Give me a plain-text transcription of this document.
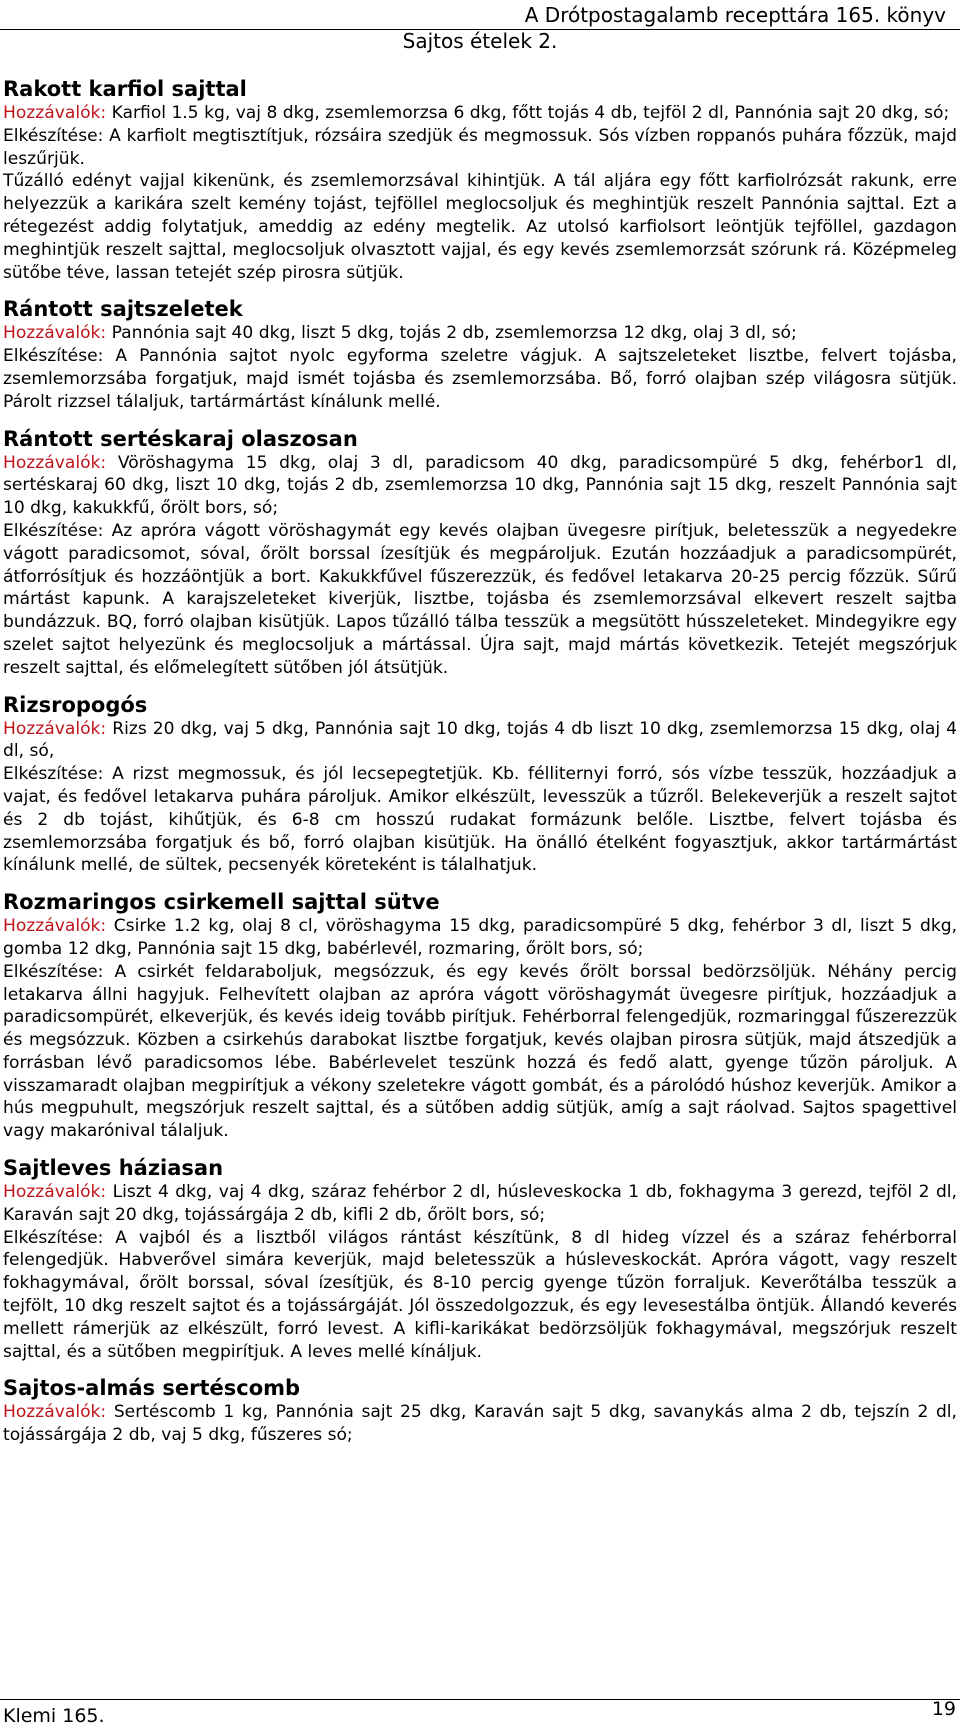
A Drótpostagalamb recepttára 165. könyv
Sajtos ételek 2.
Rakott karfiol sajttal
Hozzávalók: Karfiol 1.5 kg, vaj 8 dkg, zsemlemorzsa 6 dkg, főtt tojás 4 db, tejföl 2 dl, Pannónia sajt 20 dkg, só;
Elkészítése: A karfiolt megtisztítjuk, rózsáira szedjük és megmossuk. Sós vízben roppanós puhára főzzük, majd leszűrjük.
Tűzálló edényt vajjal kikenünk, és zsemlemorzsával kihintjük. A tál aljára egy főtt karfiolrózsát rakunk, erre helyezzük a karikára szelt kemény tojást, tejföllel meglocsoljuk és meghintjük reszelt Pannónia sajttal. Ezt a rétegezést addig folytatjuk, ameddig az edény megtelik. Az utolsó karfiolsort leöntjük tejföllel, gazdagon meghintjük reszelt sajttal, meglocsoljuk olvasztott vajjal, és egy kevés zsemlemorzsát szórunk rá. Középmeleg sütőbe téve, lassan tetejét szép pirosra sütjük.
Rántott sajtszeletek
Hozzávalók: Pannónia sajt 40 dkg, liszt 5 dkg, tojás 2 db, zsemlemorzsa 12 dkg, olaj 3 dl, só;
Elkészítése: A Pannónia sajtot nyolc egyforma szeletre vágjuk. A sajtszeleteket lisztbe, felvert tojásba, zsemlemorzsába forgatjuk, majd ismét tojásba és zsemlemorzsába. Bő, forró olajban szép világosra sütjük. Párolt rizzsel tálaljuk, tartármártást kínálunk mellé.
Rántott sertéskaraj olaszosan
Hozzávalók: Vöröshagyma 15 dkg, olaj 3 dl, paradicsom 40 dkg, paradicsompüré 5 dkg, fehérbor1 dl, sertéskaraj 60 dkg, liszt 10 dkg, tojás 2 db, zsemlemorzsa 10 dkg, Pannónia sajt 15 dkg, reszelt Pannónia sajt 10 dkg, kakukkfű, őrölt bors, só;
Elkészítése: Az apróra vágott vöröshagymát egy kevés olajban üvegesre pirítjuk, beletesszük a negyedekre vágott paradicsomot, sóval, őrölt borssal ízesítjük és megpároljuk. Ezután hozzáadjuk a paradicsompürét, átforrósítjuk és hozzáöntjük a bort. Kakukkfűvel fűszerezzük, és fedővel letakarva 20-25 percig főzzük. Sűrű mártást kapunk. A karajszeleteket kiverjük, lisztbe, tojásba és zsemlemorzsával elkevert reszelt sajtba bundázzuk. BQ, forró olajban kisütjük. Lapos tűzálló tálba tesszük a megsütött hússzeleteket. Mindegyikre egy szelet sajtot helyezünk és meglocsoljuk a mártással. Újra sajt, majd mártás következik. Tetejét megszórjuk reszelt sajttal, és előmelegített sütőben jól átsütjük.
Rizsropogós
Hozzávalók: Rizs 20 dkg, vaj 5 dkg, Pannónia sajt 10 dkg, tojás 4 db liszt 10 dkg, zsemlemorzsa 15 dkg, olaj 4 dl, só,
Elkészítése: A rizst megmossuk, és jól lecsepegtetjük. Kb. félliternyi forró, sós vízbe tesszük, hozzáadjuk a vajat, és fedővel letakarva puhára pároljuk. Amikor elkészült, levesszük a tűzről. Belekeverjük a reszelt sajtot és 2 db tojást, kihűtjük, és 6-8 cm hosszú rudakat formázunk belőle. Lisztbe, felvert tojásba és zsemlemorzsába forgatjuk és bő, forró olajban kisütjük. Ha önálló ételként fogyasztjuk, akkor tartármártást kínálunk mellé, de sültek, pecsenyék köreteként is tálalhatjuk.
Rozmaringos csirkemell sajttal sütve
Hozzávalók: Csirke 1.2 kg, olaj 8 cl, vöröshagyma 15 dkg, paradicsompüré 5 dkg, fehérbor 3 dl, liszt 5 dkg, gomba 12 dkg, Pannónia sajt 15 dkg, babérlevél, rozmaring, őrölt bors, só;
Elkészítése: A csirkét feldaraboljuk, megsózzuk, és egy kevés őrölt borssal bedörzsöljük. Néhány percig letakarva állni hagyjuk. Felhevített olajban az apróra vágott vöröshagymát üvegesre pirítjuk, hozzáadjuk a paradicsompürét, elkeverjük, és kevés ideig tovább pirítjuk. Fehérborral felengedjük, rozmaringgal fűszerezzük és megsózzuk. Közben a csirkehús darabokat lisztbe forgatjuk, kevés olajban pirosra sütjük, majd átszedjük a forrásban lévő paradicsomos lébe. Babérlevelet teszünk hozzá és fedő alatt, gyenge tűzön pároljuk. A visszamaradt olajban megpirítjuk a vékony szeletekre vágott gombát, és a párolódó húshoz keverjük. Amikor a hús megpuhult, megszórjuk reszelt sajttal, és a sütőben addig sütjük, amíg a sajt ráolvad. Sajtos spagettivel vagy makarónival tálaljuk.
Sajtleves háziasan
Hozzávalók: Liszt 4 dkg, vaj 4 dkg, száraz fehérbor 2 dl, húsleveskocka 1 db, fokhagyma 3 gerezd, tejföl 2 dl, Karaván sajt 20 dkg, tojássárgája 2 db, kifli 2 db, őrölt bors, só;
Elkészítése: A vajból és a lisztből világos rántást készítünk, 8 dl hideg vízzel és a száraz fehérborral felengedjük. Habverővel simára keverjük, majd beletesszük a húsleveskockát. Apróra vágott, vagy reszelt fokhagymával, őrölt borssal, sóval ízesítjük, és 8-10 percig gyenge tűzön forraljuk. Keverőtálba tesszük a tejfölt, 10 dkg reszelt sajtot és a tojássárgáját. Jól összedolgozzuk, és egy levesestálba öntjük. Állandó keverés mellett rámerjük az elkészült, forró levest. A kifli-karikákat bedörzsöljük fokhagymával, megszórjuk reszelt sajttal, és a sütőben megpirítjuk. A leves mellé kínáljuk.
Sajtos-almás sertéscomb
Hozzávalók: Sertéscomb 1 kg, Pannónia sajt 25 dkg, Karaván sajt 5 dkg, savanykás alma 2 db, tejszín 2 dl, tojássárgája 2 db, vaj 5 dkg, fűszeres só;
Klemi 165.	19
